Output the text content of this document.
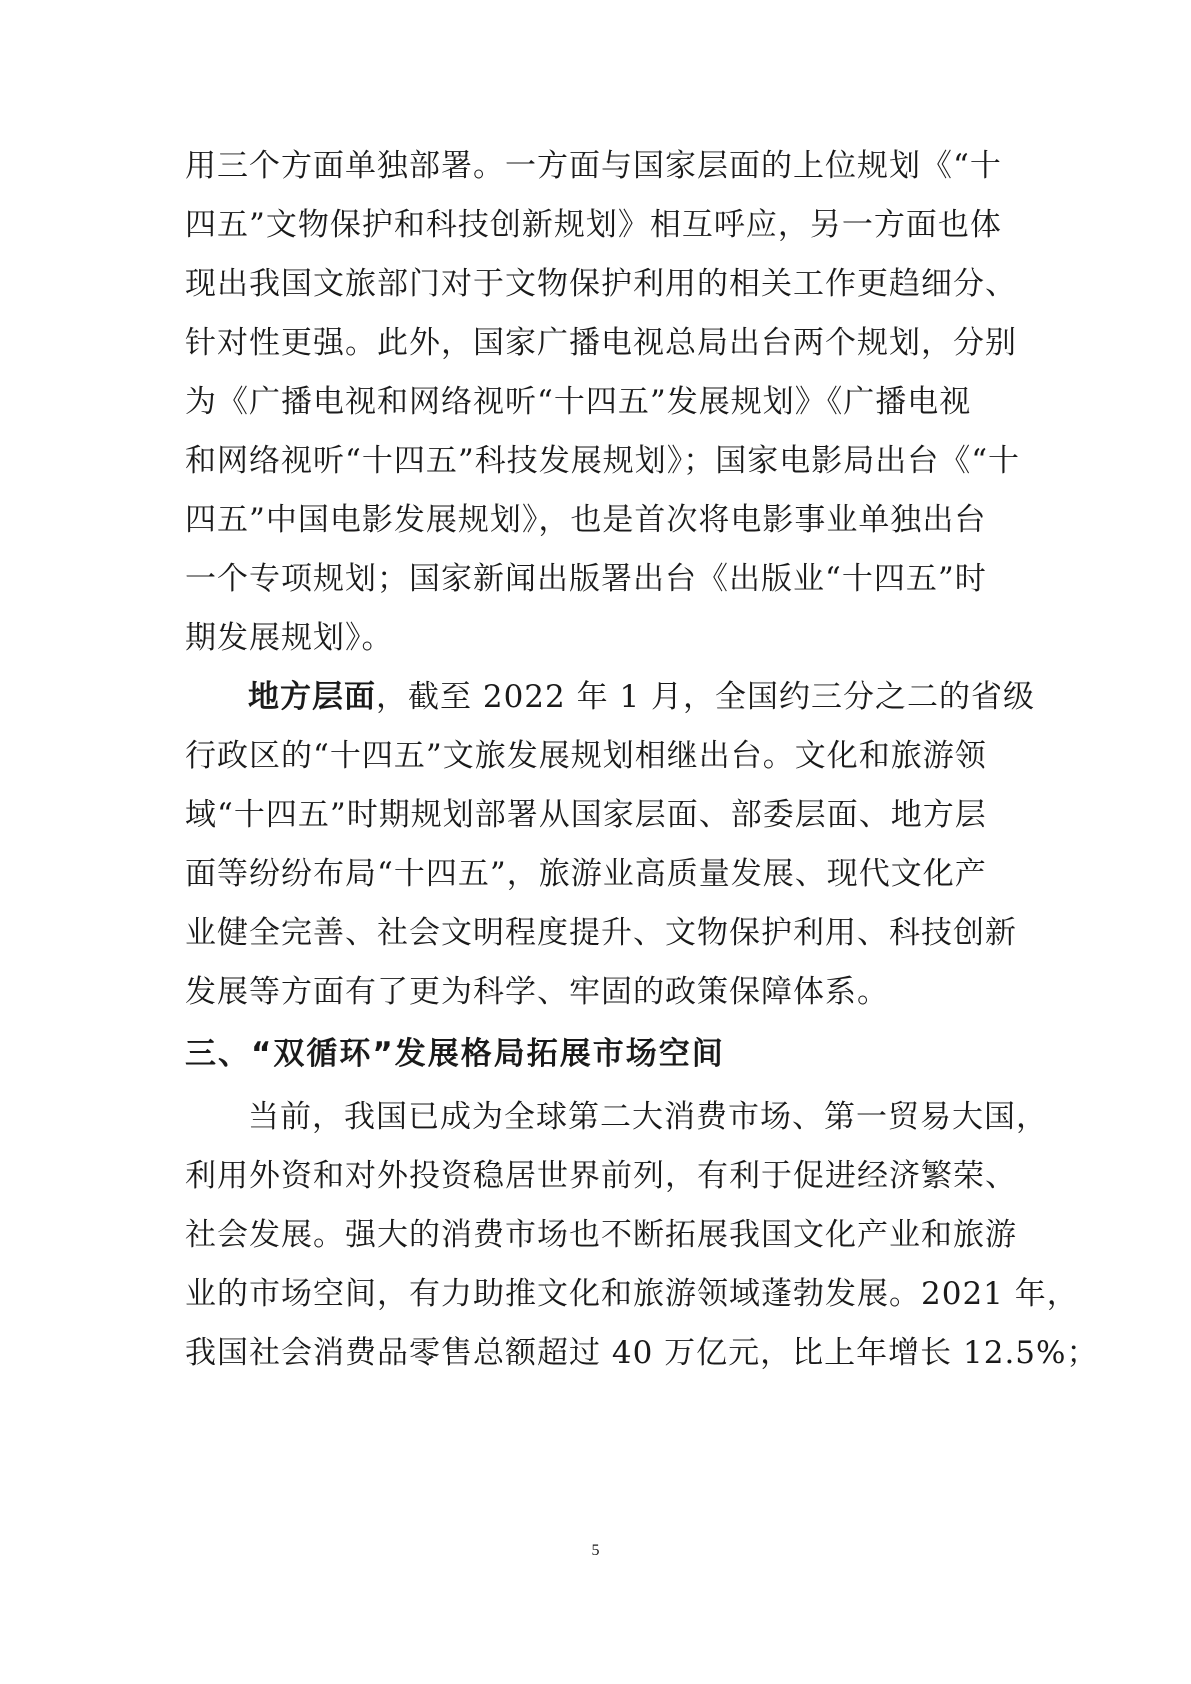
用三个方面单独部署。一方面与国家层面的上位规划《“十
四五”文物保护和科技创新规划》相互呼应，另一方面也体
现出我国文旅部门对于文物保护利用的相关工作更趋细分、
针对性更强。此外，国家广播电视总局出台两个规划，分别
为《广播电视和网络视听“十四五”发展规划》《广播电视
和网络视听“十四五”科技发展规划》；国家电影局出台《“十
四五”中国电影发展规划》，也是首次将电影事业单独出台
一个专项规划；国家新闻出版署出台《出版业“十四五”时
期发展规划》。
地方层面，截至 2022 年 1 月，全国约三分之二的省级
行政区的“十四五”文旅发展规划相继出台。文化和旅游领
域“十四五”时期规划部署从国家层面、部委层面、地方层
面等纷纷布局“十四五”，旅游业高质量发展、现代文化产
业健全完善、社会文明程度提升、文物保护利用、科技创新
发展等方面有了更为科学、牢固的政策保障体系。
三、“双循环”发展格局拓展市场空间
当前，我国已成为全球第二大消费市场、第一贸易大国，
利用外资和对外投资稳居世界前列，有利于促进经济繁荣、
社会发展。强大的消费市场也不断拓展我国文化产业和旅游
业的市场空间，有力助推文化和旅游领域蓬勃发展。2021 年，
我国社会消费品零售总额超过 40 万亿元，比上年增长 12.5%；
5
